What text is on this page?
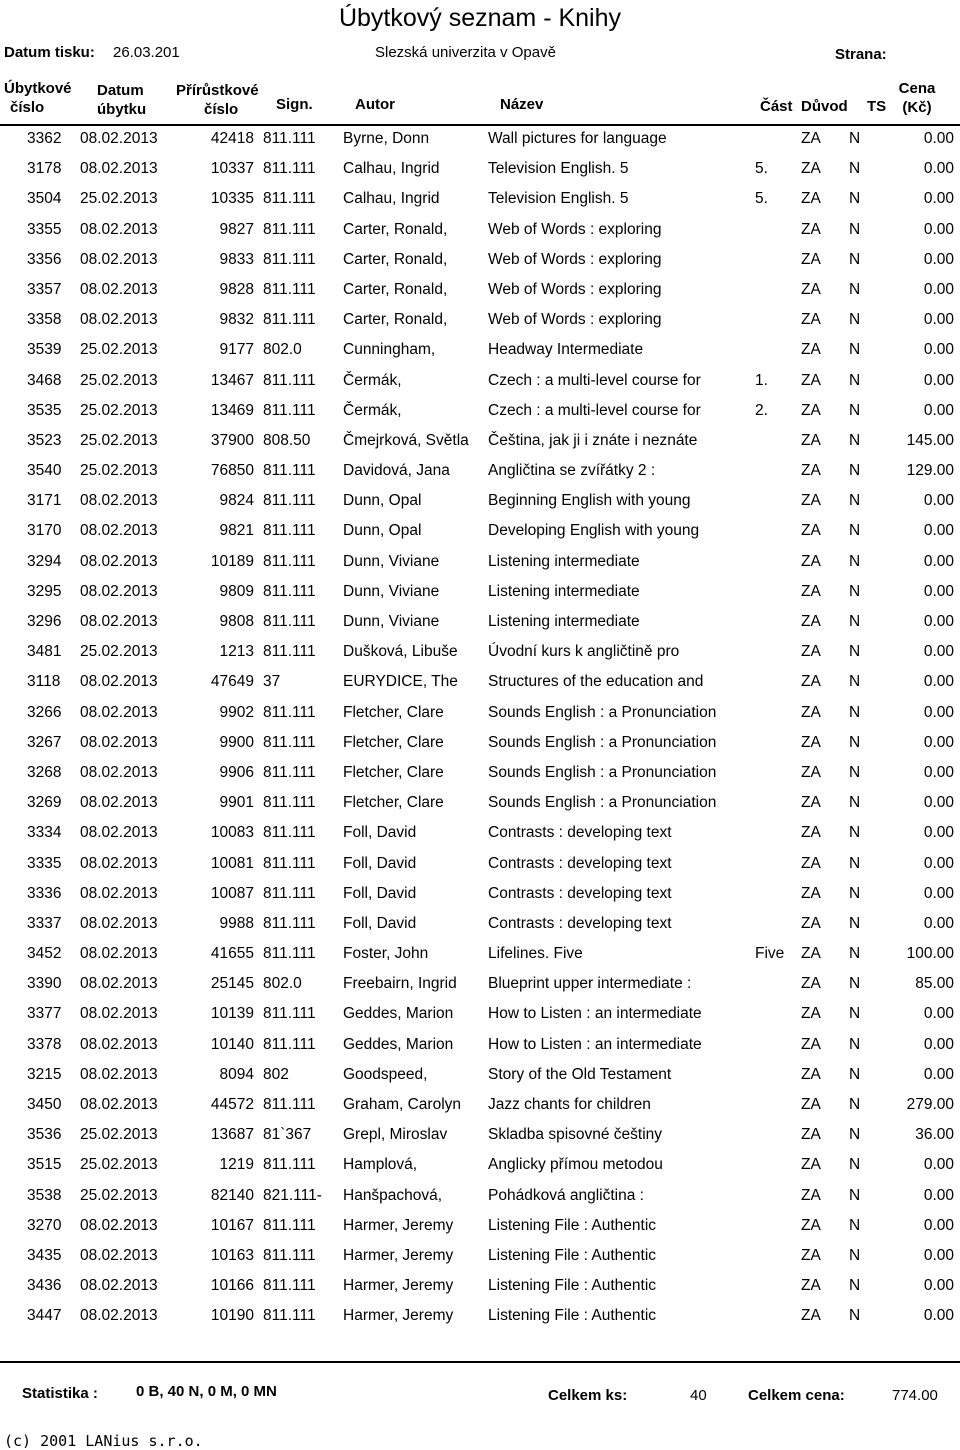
Úbytkový seznam - Knihy
Datum tisku: 26.03.201	Slezská univerzita v Opavě	Strana:
Úbytkové
číslo
Datum
úbytku
Přírůstkové
číslo	Sign.	Autor	Název	Část Důvod TS
Cena
(Kč)
3362 08.02.2013	42418 811.111 Byrne, Donn	Wall pictures for language	ZA N	0.00
3178 08.02.2013	10337 811.111 Calhau, Ingrid	Television English. 5	5. ZA N	0.00
3504 25.02.2013	10335 811.111 Calhau, Ingrid	Television English. 5	5. ZA N	0.00
3355 08.02.2013	9827 811.111 Carter, Ronald,	Web of Words : exploring	ZA N	0.00
3356 08.02.2013	9833 811.111 Carter, Ronald,	Web of Words : exploring	ZA N	0.00
3357 08.02.2013	9828 811.111 Carter, Ronald,	Web of Words : exploring	ZA N	0.00
3358 08.02.2013	9832 811.111 Carter, Ronald,	Web of Words : exploring	ZA N	0.00
3539 25.02.2013	9177 802.0	Cunningham,	Headway Intermediate	ZA N	0.00
3468 25.02.2013	13467 811.111 Čermák,	Czech : a multi-level course for	1. ZA N	0.00
3535 25.02.2013	13469 811.111 Čermák,	Czech : a multi-level course for	2. ZA N	0.00
3523 25.02.2013	37900 808.50 Čmejrková, Světla	Čeština, jak ji i znáte i neznáte	ZA N	145.00
3540 25.02.2013	76850 811.111 Davidová, Jana	Angličtina se zvířátky 2 :	ZA N	129.00
3171 08.02.2013	9824 811.111 Dunn, Opal	Beginning English with young	ZA N	0.00
3170 08.02.2013	9821 811.111 Dunn, Opal	Developing English with young	ZA N	0.00
3294 08.02.2013	10189 811.111 Dunn, Viviane	Listening intermediate	ZA N	0.00
3295 08.02.2013	9809 811.111 Dunn, Viviane	Listening intermediate	ZA N	0.00
3296 08.02.2013	9808 811.111 Dunn, Viviane	Listening intermediate	ZA N	0.00
3481 25.02.2013	1213 811.111 Dušková, Libuše	Úvodní kurs k angličtině pro	ZA N	0.00
3118 08.02.2013	47649 37	EURYDICE, The	Structures of the education and	ZA N	0.00
3266 08.02.2013	9902 811.111 Fletcher, Clare	Sounds English : a Pronunciation	ZA N	0.00
3267 08.02.2013	9900 811.111 Fletcher, Clare	Sounds English : a Pronunciation	ZA N	0.00
3268 08.02.2013	9906 811.111 Fletcher, Clare	Sounds English : a Pronunciation	ZA N	0.00
3269 08.02.2013	9901 811.111 Fletcher, Clare	Sounds English : a Pronunciation	ZA N	0.00
3334 08.02.2013	10083 811.111 Foll, David	Contrasts : developing text	ZA N	0.00
3335 08.02.2013	10081 811.111 Foll, David	Contrasts : developing text	ZA N	0.00
3336 08.02.2013	10087 811.111 Foll, David	Contrasts : developing text	ZA N	0.00
3337 08.02.2013	9988 811.111 Foll, David	Contrasts : developing text	ZA N	0.00
3452 08.02.2013	41655 811.111 Foster, John	Lifelines. Five	Five ZA N	100.00
3390 08.02.2013	25145 802.0	Freebairn, Ingrid	Blueprint upper intermediate :	ZA N	85.00
3377 08.02.2013	10139 811.111 Geddes, Marion	How to Listen : an intermediate	ZA N	0.00
3378 08.02.2013	10140 811.111 Geddes, Marion	How to Listen : an intermediate	ZA N	0.00
3215 08.02.2013	8094 802	Goodspeed,	Story of the Old Testament	ZA N	0.00
3450 08.02.2013	44572 811.111 Graham, Carolyn	Jazz chants for children	ZA N	279.00
3536 25.02.2013	13687 81`367 Grepl, Miroslav	Skladba spisovné češtiny	ZA N	36.00
3515 25.02.2013	1219 811.111 Hamplová,	Anglicky přímou metodou	ZA N	0.00
3538 25.02.2013	82140 821.111- Hanšpachová,	Pohádková angličtina :	ZA N	0.00
3270 08.02.2013	10167 811.111 Harmer, Jeremy	Listening File : Authentic	ZA N	0.00
3435 08.02.2013	10163 811.111 Harmer, Jeremy	Listening File : Authentic	ZA N	0.00
3436 08.02.2013	10166 811.111 Harmer, Jeremy	Listening File : Authentic	ZA N	0.00
3447 08.02.2013	10190 811.111 Harmer, Jeremy	Listening File : Authentic	ZA N	0.00
Statistika :	0 B, 40 N, 0 M, 0 MN	Celkem ks:	40	Celkem cena:	774.00
(c) 2001 LANius s.r.o.
